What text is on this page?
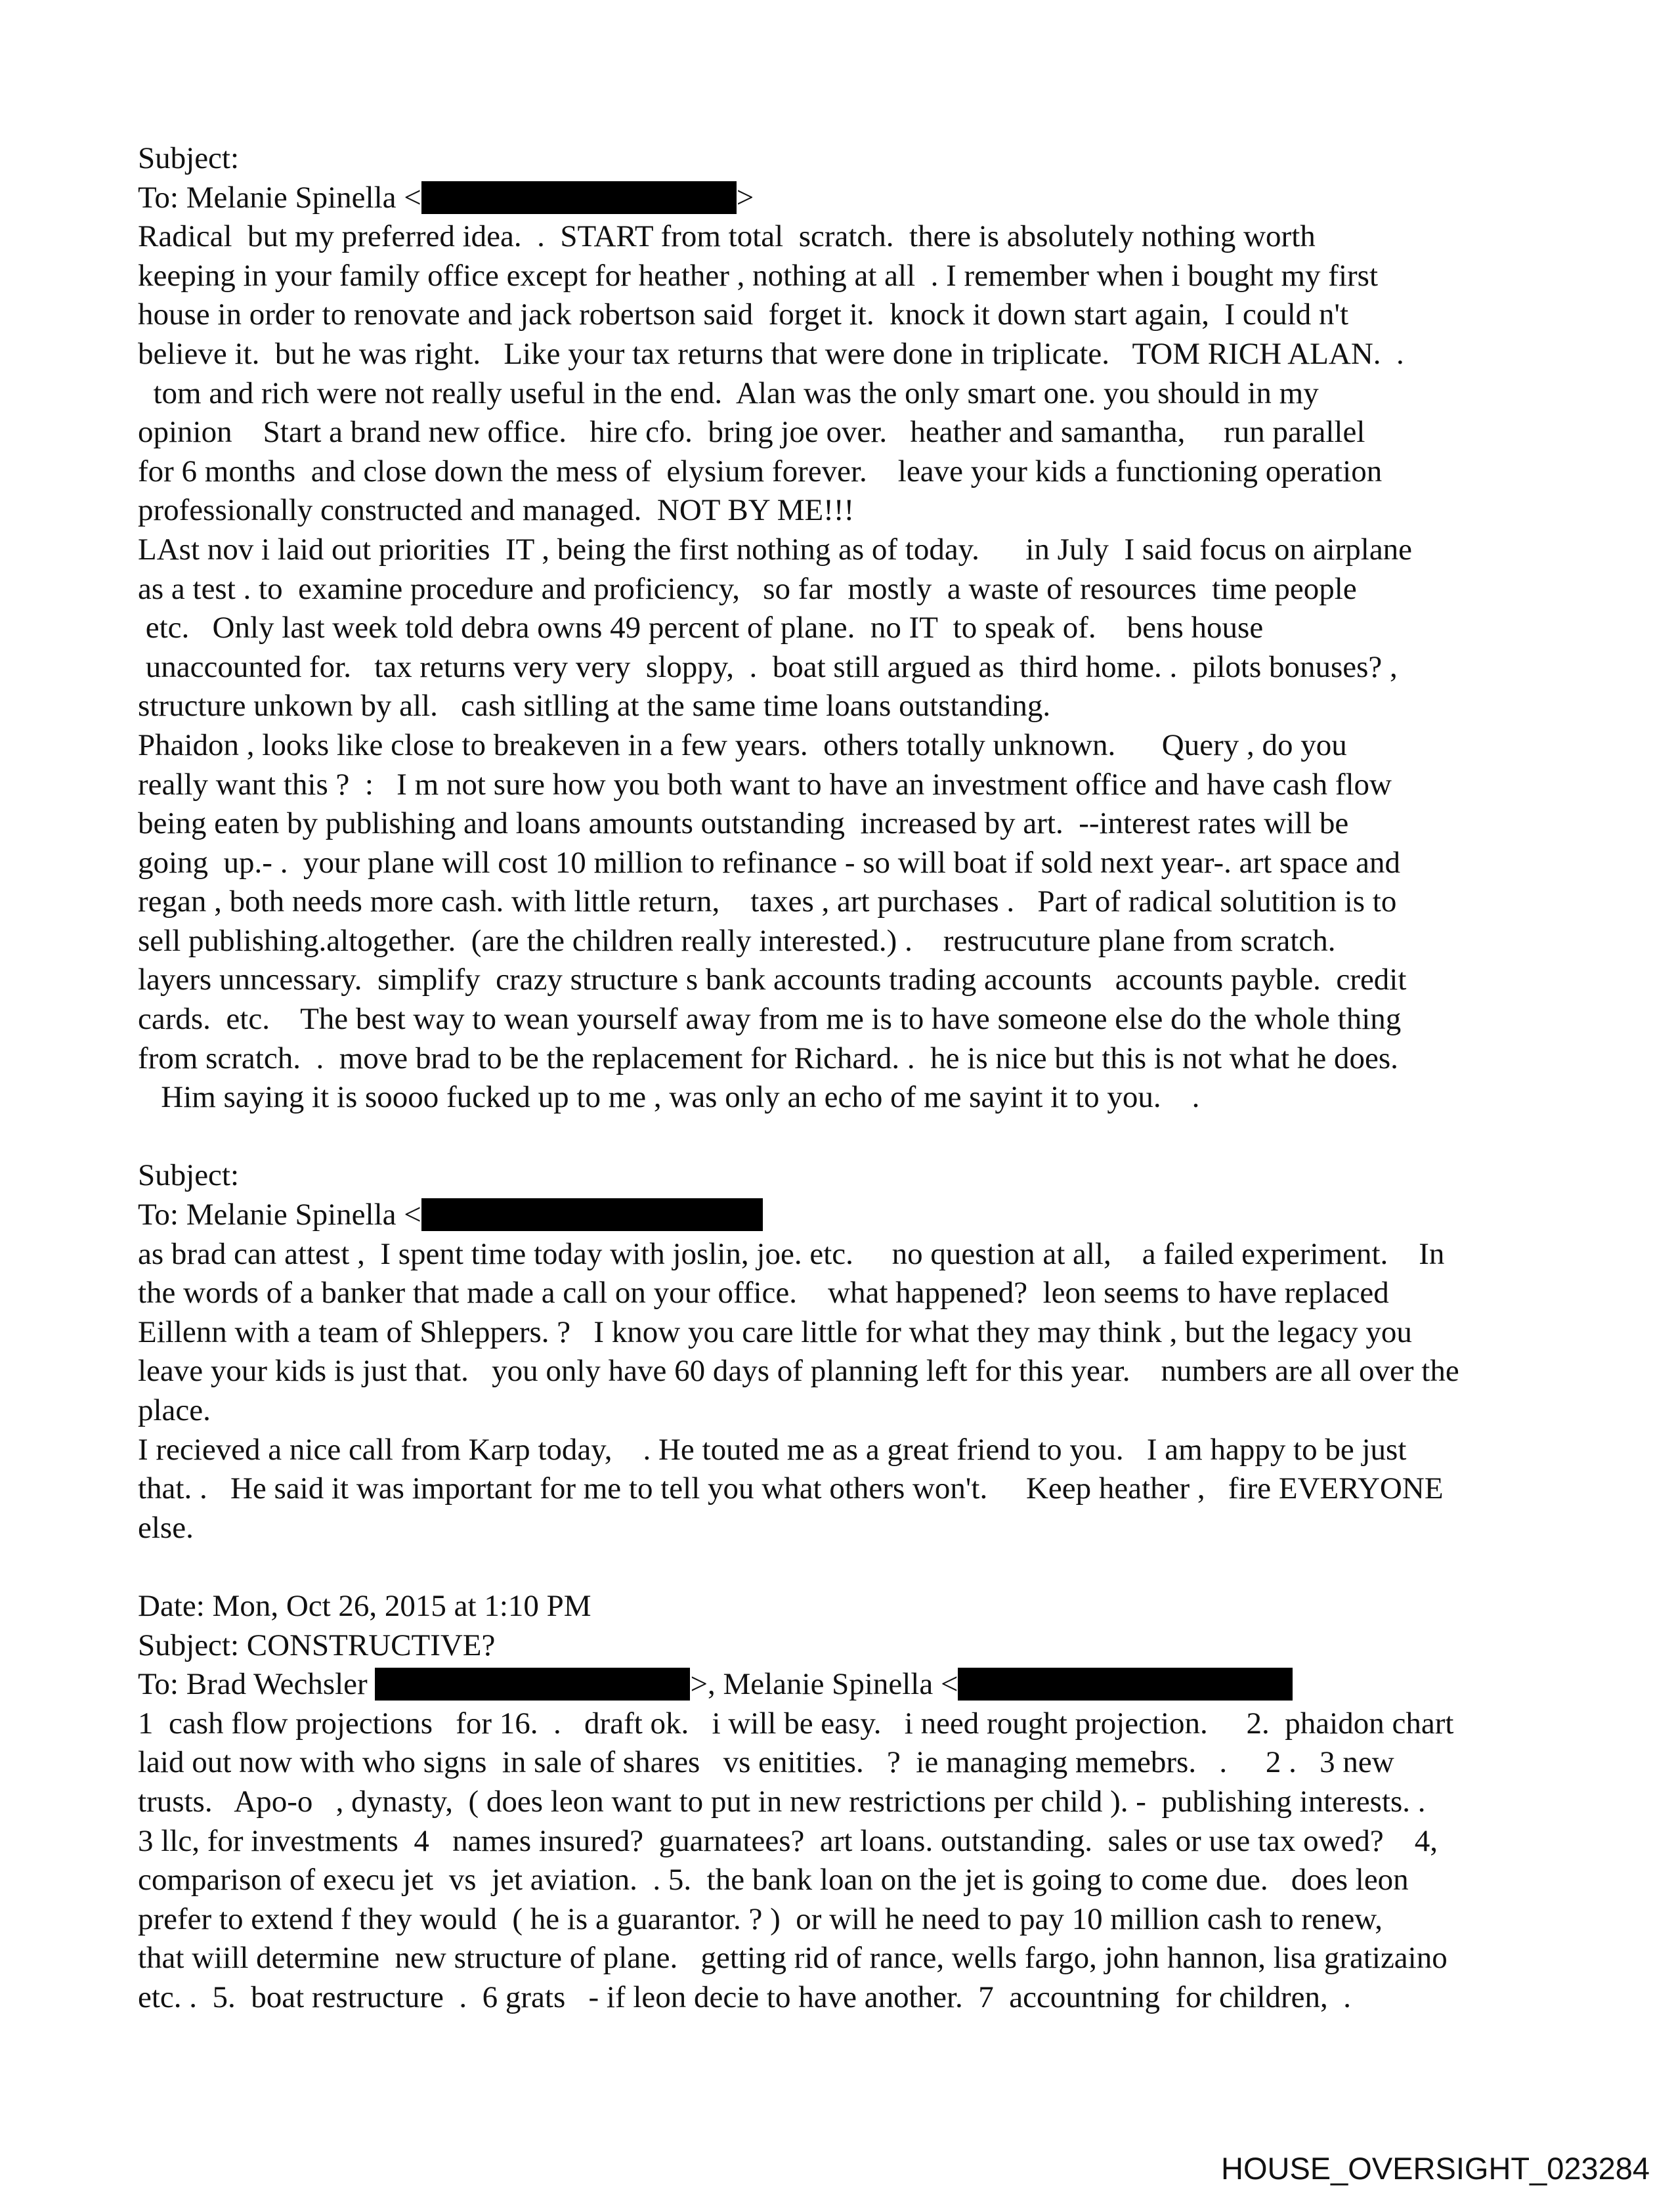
Subject:
To: Melanie Spinella <	>
Radical  but my preferred idea.  .  START from total  scratch.  there is absolutely nothing worth
keeping in your family office except for heather , nothing at all  . I remember when i bought my first
house in order to renovate and jack robertson said  forget it.  knock it down start again,  I could n't
believe it.  but he was right.   Like your tax returns that were done in triplicate.   TOM RICH ALAN.  .
tom and rich were not really useful in the end.  Alan was the only smart one. you should in my
opinion    Start a brand new office.   hire cfo.  bring joe over.   heather and samantha,     run parallel
for 6 months  and close down the mess of  elysium forever.    leave your kids a functioning operation
professionally constructed and managed.  NOT BY ME!!!
LAst nov i laid out priorities  IT , being the first nothing as of today.      in July  I said focus on airplane
as a test . to  examine procedure and proficiency,   so far  mostly  a waste of resources  time people
etc.   Only last week told debra owns 49 percent of plane.  no IT  to speak of.    bens house
unaccounted for.   tax returns very very  sloppy,  .  boat still argued as  third home. .  pilots bonuses? ,
structure unkown by all.   cash sitlling at the same time loans outstanding.
Phaidon , looks like close to breakeven in a few years.  others totally unknown.      Query , do you
really want this ?  :   I m not sure how you both want to have an investment office and have cash flow
being eaten by publishing and loans amounts outstanding  increased by art.  --interest rates will be
going  up.- .  your plane will cost 10 million to refinance - so will boat if sold next year-. art space and
regan , both needs more cash. with little return,    taxes , art purchases .   Part of radical solutition is to
sell publishing.altogether.  (are the children really interested.) .    restrucuture plane from scratch.
layers unncessary.  simplify  crazy structure s bank accounts trading accounts   accounts payble.  credit
cards.  etc.    The best way to wean yourself away from me is to have someone else do the whole thing
from scratch.  .  move brad to be the replacement for Richard. .  he is nice but this is not what he does.
Him saying it is soooo fucked up to me , was only an echo of me sayint it to you.    .
Subject:
To: Melanie Spinella <
as brad can attest ,  I spent time today with joslin, joe. etc.     no question at all,    a failed experiment.    In
the words of a banker that made a call on your office.    what happened?  leon seems to have replaced
Eillenn with a team of Shleppers. ?   I know you care little for what they may think , but the legacy you
leave your kids is just that.   you only have 60 days of planning left for this year.    numbers are all over the
place.
I recieved a nice call from Karp today,    . He touted me as a great friend to you.   I am happy to be just
that. .   He said it was important for me to tell you what others won't.     Keep heather ,   fire EVERYONE
else.
Date: Mon, Oct 26, 2015 at 1:10 PM
Subject: CONSTRUCTIVE?
To: Brad Wechsler	>, Melanie Spinella <
1  cash flow projections   for 16.  .   draft ok.   i will be easy.   i need rought projection.     2.  phaidon chart
laid out now with who signs  in sale of shares   vs enitities.   ?  ie managing memebrs.   .     2 .   3 new
trusts.   Apo-o   , dynasty,  ( does leon want to put in new restrictions per child ). -  publishing interests. .
3 llc, for investments  4   names insured?  guarnatees?  art loans. outstanding.  sales or use tax owed?    4,
comparison of execu jet  vs  jet aviation.  . 5.  the bank loan on the jet is going to come due.   does leon
prefer to extend f they would  ( he is a guarantor. ? )  or will he need to pay 10 million cash to renew,
that wiill determine  new structure of plane.   getting rid of rance, wells fargo, john hannon, lisa gratizaino
etc. .  5.  boat restructure  .  6 grats   - if leon decie to have another.  7  accountning  for children,  .
HOUSE_OVERSIGHT_023284
